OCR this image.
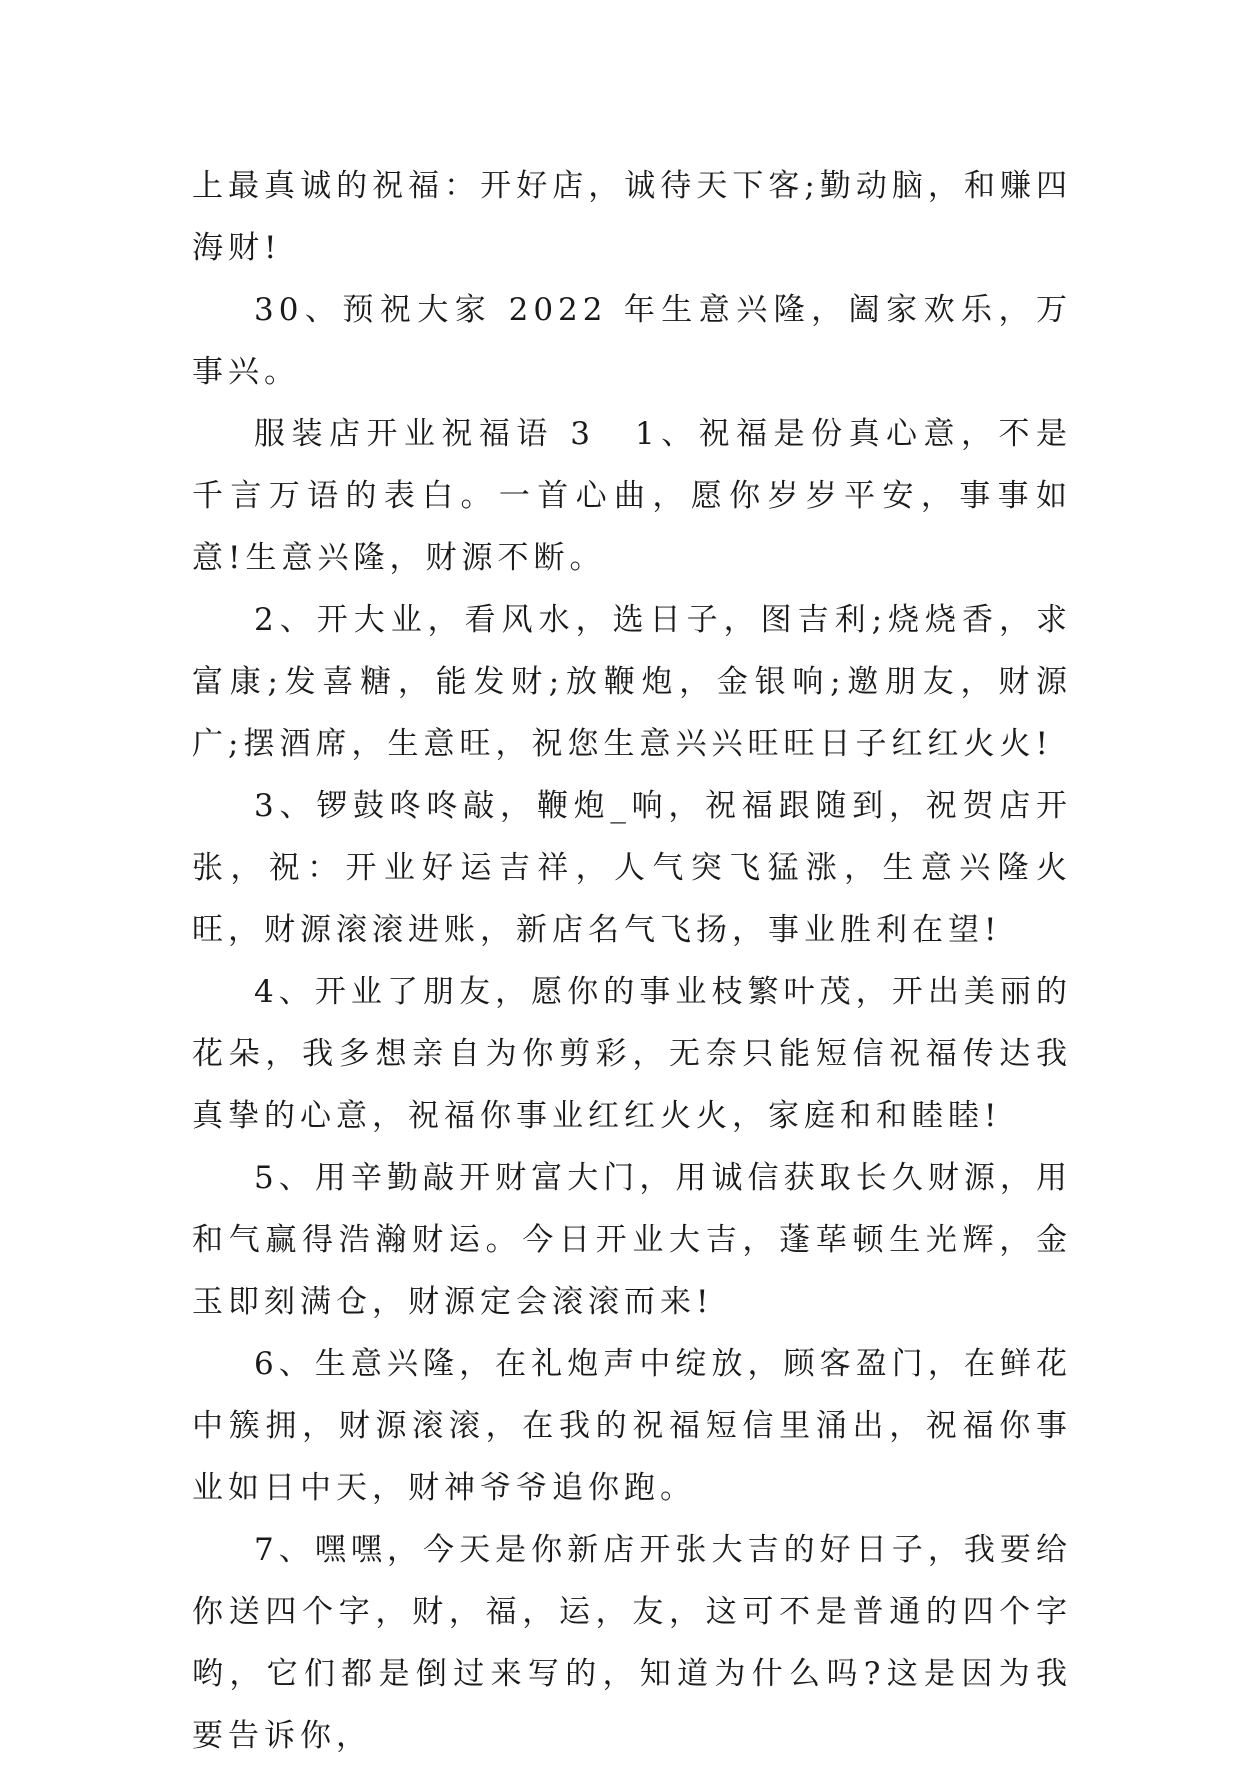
上最真诚的祝福：开好店，诚待天下客;勤动脑，和赚四海财!

30、预祝大家 2022 年生意兴隆，阖家欢乐，万事兴。

服装店开业祝福语 3 1、祝福是份真心意，不是千言万语的表白。一首心曲，愿你岁岁平安，事事如意!生意兴隆，财源不断。

2、开大业，看风水，选日子，图吉利;烧烧香，求富康;发喜糖，能发财;放鞭炮，金银响;邀朋友，财源广;摆酒席，生意旺，祝您生意兴兴旺旺日子红红火火!

3、锣鼓咚咚敲，鞭炮_响，祝福跟随到，祝贺店开张，祝：开业好运吉祥，人气突飞猛涨，生意兴隆火旺，财源滚滚进账，新店名气飞扬，事业胜利在望!

4、开业了朋友，愿你的事业枝繁叶茂，开出美丽的花朵，我多想亲自为你剪彩，无奈只能短信祝福传达我真挚的心意，祝福你事业红红火火，家庭和和睦睦!

5、用辛勤敲开财富大门，用诚信获取长久财源，用和气赢得浩瀚财运。今日开业大吉，蓬荜顿生光辉，金玉即刻满仓，财源定会滚滚而来!

6、生意兴隆，在礼炮声中绽放，顾客盈门，在鲜花中簇拥，财源滚滚，在我的祝福短信里涌出，祝福你事业如日中天，财神爷爷追你跑。

7、嘿嘿，今天是你新店开张大吉的好日子，我要给你送四个字，财，福，运，友，这可不是普通的四个字哟，它们都是倒过来写的，知道为什么吗?这是因为我要告诉你，
